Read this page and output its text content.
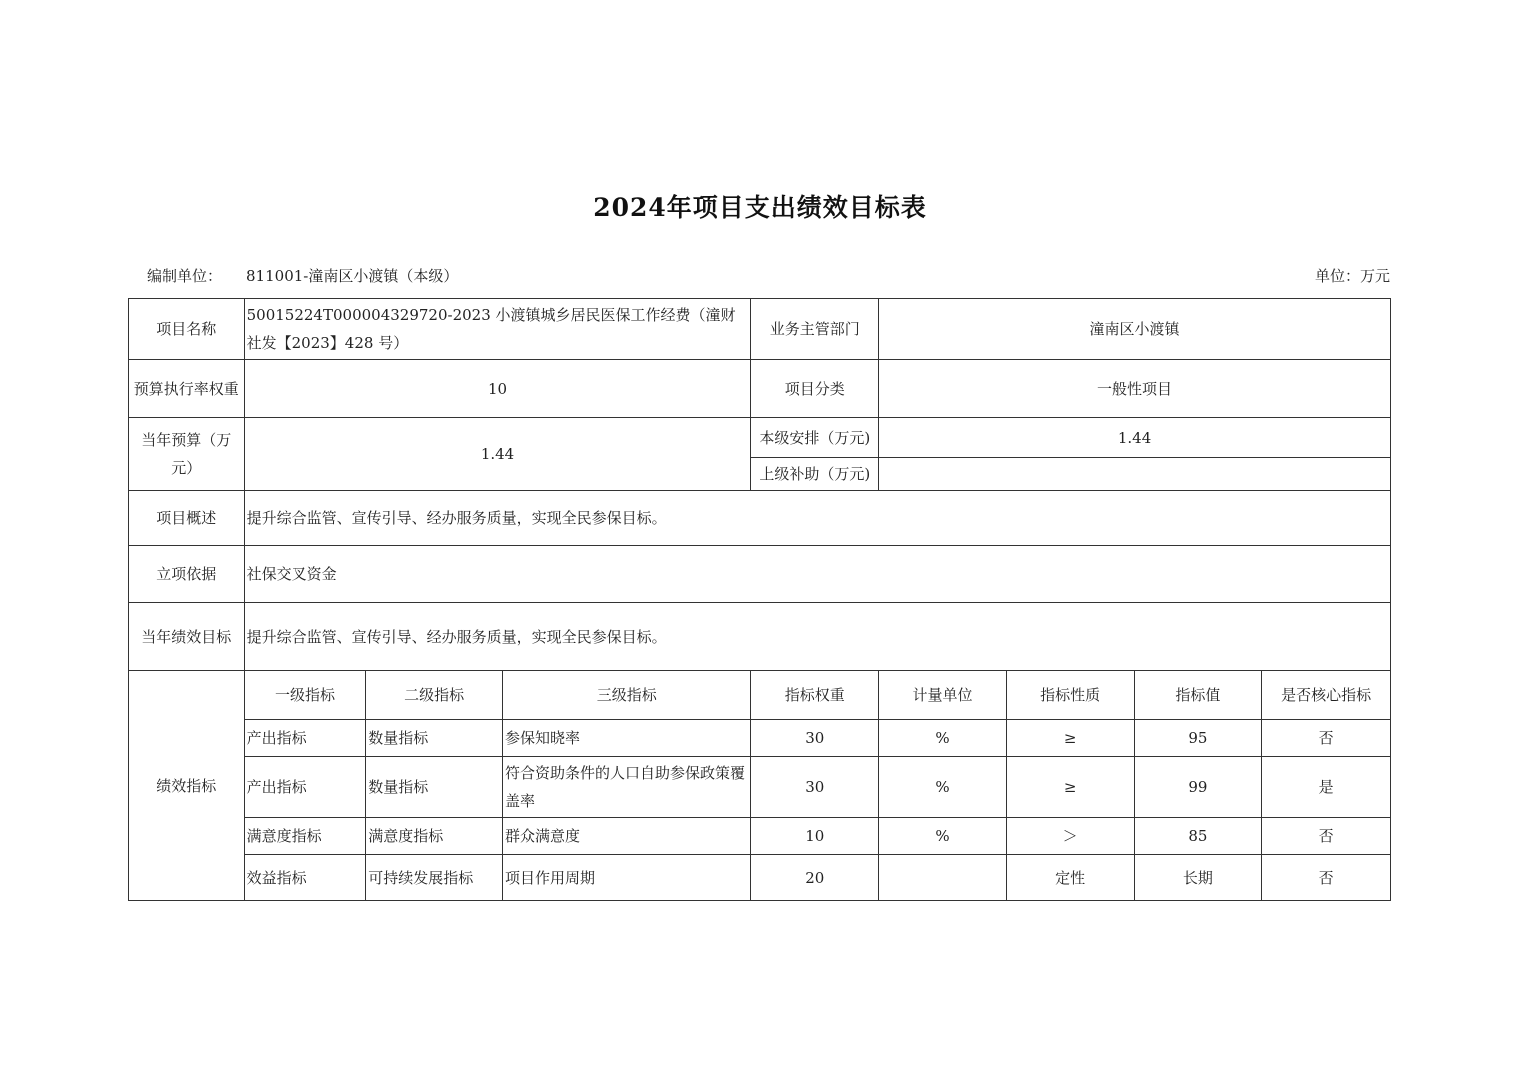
2024年项目支出绩效目标表
编制单位： 811001-潼南区小渡镇（本级）	单位：万元
项目名称	50015224T000004329720-2023 小渡镇城乡居民医保工作经费（潼财社发【2023】428 号）			业务主管部门	潼南区小渡镇			
预算执行率权重	10			项目分类	一般性项目			
当年预算（万元）	1.44			本级安排（万元)	1.44			
				上级补助（万元)				
项目概述	提升综合监管、宣传引导、经办服务质量，实现全民参保目标。							
立项依据	社保交叉资金							
当年绩效目标	提升综合监管、宣传引导、经办服务质量，实现全民参保目标。							
绩效指标	一级指标	二级指标	三级指标	指标权重	计量单位	指标性质	指标值	是否核心指标
	产出指标	数量指标	参保知晓率	30	%	≥	95	否
	产出指标	数量指标	符合资助条件的人口自助参保政策覆盖率	30	%	≥	99	是
	满意度指标	满意度指标	群众满意度	10	%	＞	85	否
	效益指标	可持续发展指标	项目作用周期	20		定性	长期	否
